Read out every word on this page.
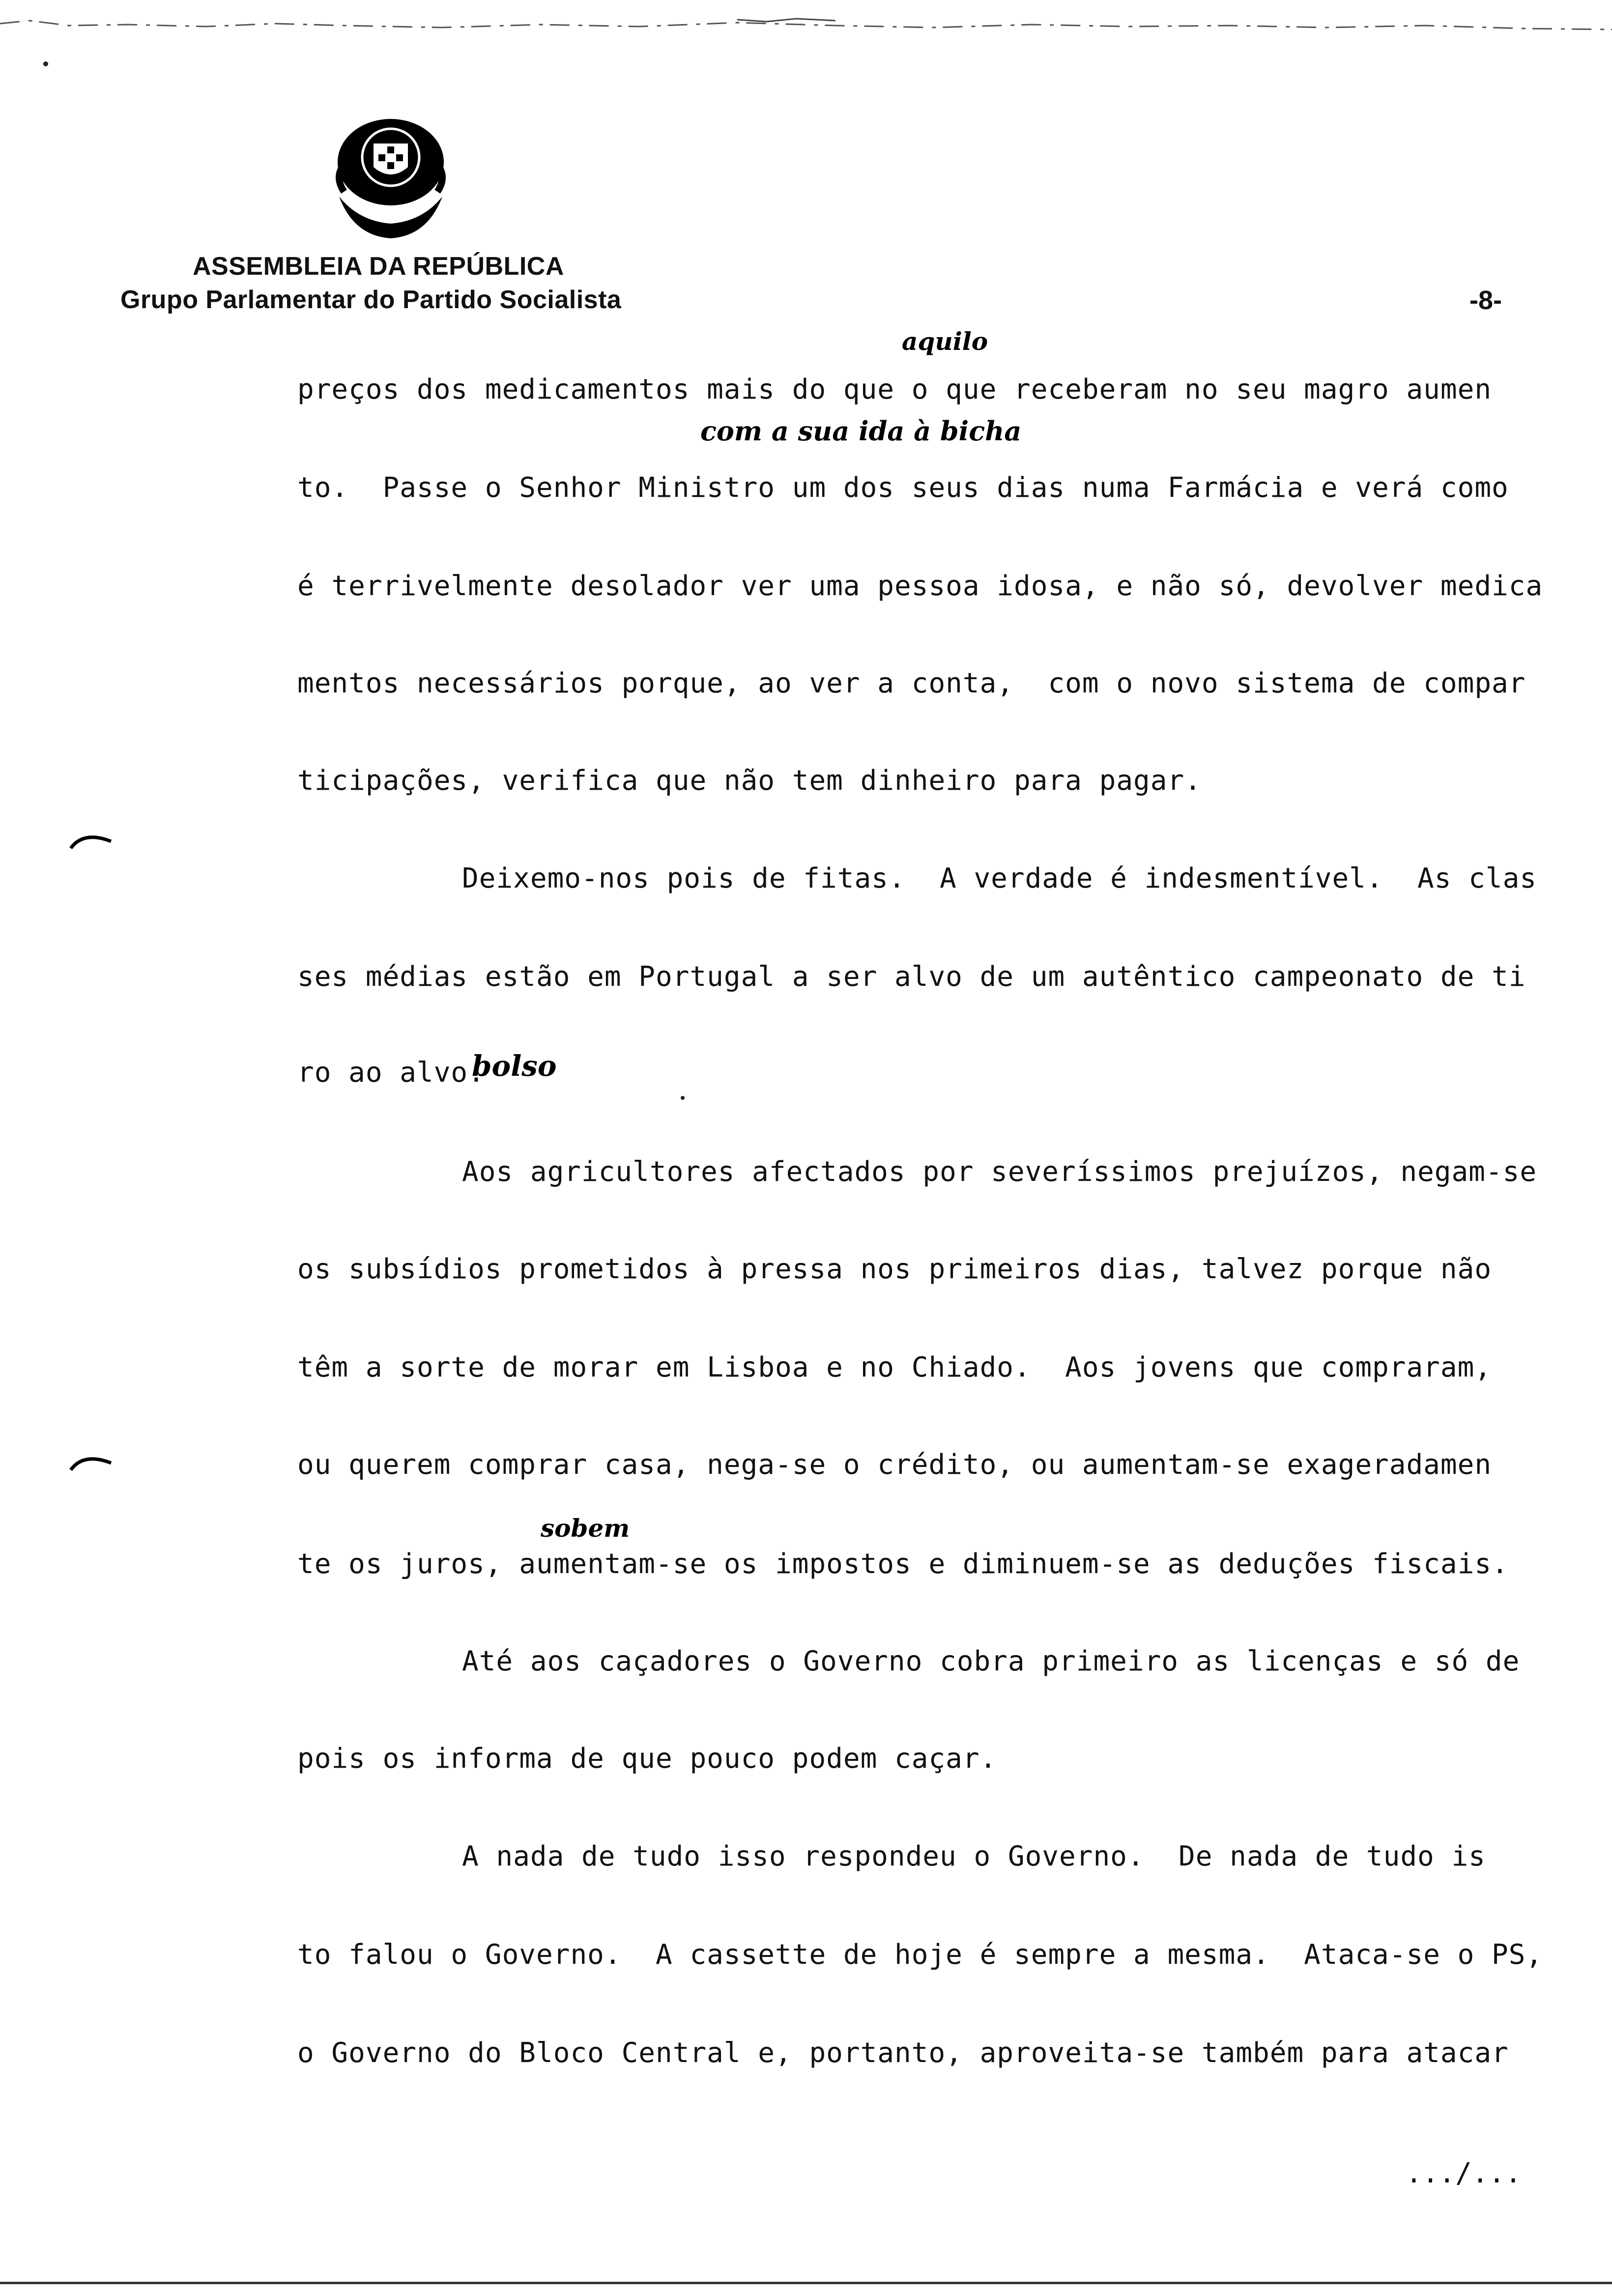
ASSEMBLEIA DA REPÚBLICA
Grupo Parlamentar do Partido Socialista	-8-
aquilo
com a sua ida à bicha
bolso
sobem
preços dos medicamentos mais do que o que receberam no seu magro aumen
to.  Passe o Senhor Ministro um dos seus dias numa Farmácia e verá como
é terrivelmente desolador ver uma pessoa idosa, e não só, devolver medica
mentos necessários porque, ao ver a conta,  com o novo sistema de compar
ticipações, verifica que não tem dinheiro para pagar.
Deixemo-nos pois de fitas.  A verdade é indesmentível.  As clas
ses médias estão em Portugal a ser alvo de um autêntico campeonato de ti
ro ao alvo.
Aos agricultores afectados por severíssimos prejuízos, negam-se
os subsídios prometidos à pressa nos primeiros dias, talvez porque não
têm a sorte de morar em Lisboa e no Chiado.  Aos jovens que compraram,
ou querem comprar casa, nega-se o crédito, ou aumentam-se exageradamen
te os juros, aumentam-se os impostos e diminuem-se as deduções fiscais.
Até aos caçadores o Governo cobra primeiro as licenças e só de
pois os informa de que pouco podem caçar.
A nada de tudo isso respondeu o Governo.  De nada de tudo is
to falou o Governo.  A cassette de hoje é sempre a mesma.  Ataca-se o PS,
o Governo do Bloco Central e, portanto, aproveita-se também para atacar
.../...
